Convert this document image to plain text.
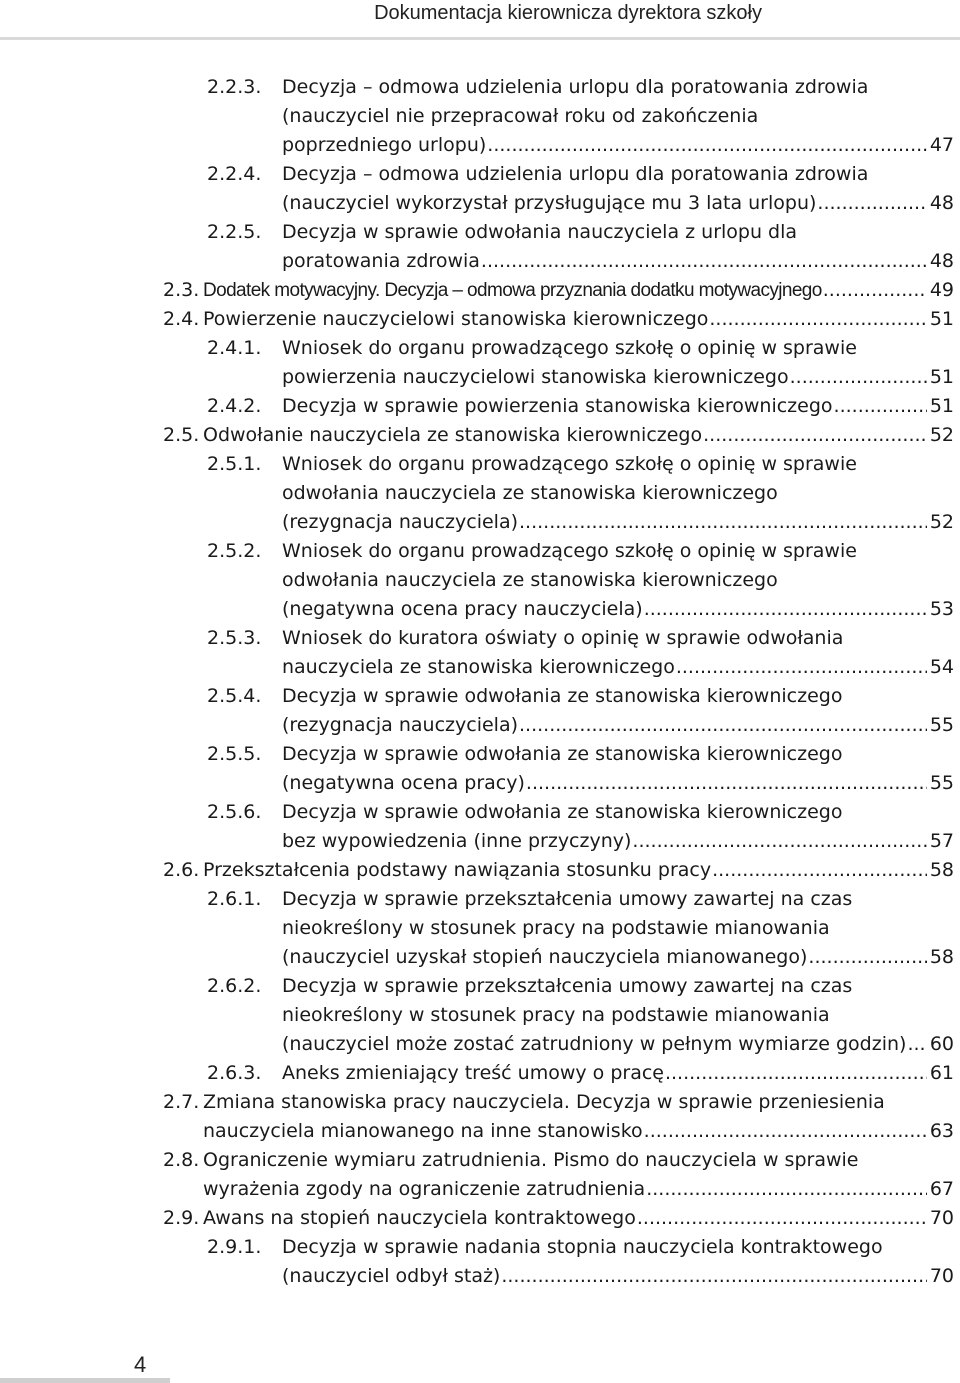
Dokumentacja kierownicza dyrektora szkoły
2.2.3. Decyzja – odmowa udzielenia urlopu dla poratowania zdrowia
(nauczyciel nie przepracował roku od zakończenia
poprzedniego urlopu) .....	47
2.2.4. Decyzja – odmowa udzielenia urlopu dla poratowania zdrowia
(nauczyciel wykorzystał przysługujące mu 3 lata urlopu) .....	48
2.2.5. Decyzja w sprawie odwołania nauczyciela z urlopu dla
poratowania zdrowia .....	48
2.3. Dodatek motywacyjny. Decyzja – odmowa przyznania dodatku motywacyjnego .....	49
2.4. Powierzenie nauczycielowi stanowiska kierowniczego .....	51
2.4.1. Wniosek do organu prowadzącego szkołę o opinię w sprawie
powierzenia nauczycielowi stanowiska kierowniczego .....	51
2.4.2. Decyzja w sprawie powierzenia stanowiska kierowniczego .....	51
2.5. Odwołanie nauczyciela ze stanowiska kierowniczego .....	52
2.5.1. Wniosek do organu prowadzącego szkołę o opinię w sprawie
odwołania nauczyciela ze stanowiska kierowniczego
(rezygnacja nauczyciela) .....	52
2.5.2. Wniosek do organu prowadzącego szkołę o opinię w sprawie
odwołania nauczyciela ze stanowiska kierowniczego
(negatywna ocena pracy nauczyciela) .....	53
2.5.3. Wniosek do kuratora oświaty o opinię w sprawie odwołania
nauczyciela ze stanowiska kierowniczego .....	54
2.5.4. Decyzja w sprawie odwołania ze stanowiska kierowniczego
(rezygnacja nauczyciela) .....	55
2.5.5. Decyzja w sprawie odwołania ze stanowiska kierowniczego
(negatywna ocena pracy) .....	55
2.5.6. Decyzja w sprawie odwołania ze stanowiska kierowniczego
bez wypowiedzenia (inne przyczyny) .....	57
2.6. Przekształcenia podstawy nawiązania stosunku pracy .....	58
2.6.1. Decyzja w sprawie przekształcenia umowy zawartej na czas
nieokreślony w stosunek pracy na podstawie mianowania
(nauczyciel uzyskał stopień nauczyciela mianowanego) .....	58
2.6.2. Decyzja w sprawie przekształcenia umowy zawartej na czas
nieokreślony w stosunek pracy na podstawie mianowania
(nauczyciel może zostać zatrudniony w pełnym wymiarze godzin) ..... 60
2.6.3. Aneks zmieniający treść umowy o pracę .....	61
2.7. Zmiana stanowiska pracy nauczyciela. Decyzja w sprawie przeniesienia
nauczyciela mianowanego na inne stanowisko .....	63
2.8. Ograniczenie wymiaru zatrudnienia. Pismo do nauczyciela w sprawie
wyrażenia zgody na ograniczenie zatrudnienia .....	67
2.9. Awans na stopień nauczyciela kontraktowego .....	70
2.9.1. Decyzja w sprawie nadania stopnia nauczyciela kontraktowego
(nauczyciel odbył staż) .....	70
4
